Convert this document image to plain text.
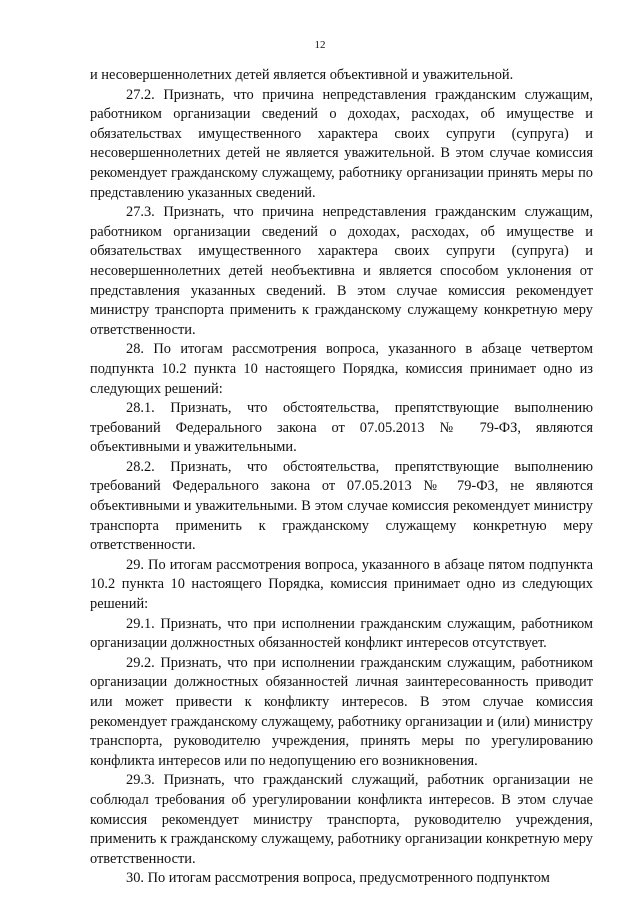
12

и несовершеннолетних детей является объективной и уважительной.

27.2. Признать, что причина непредставления гражданским служащим, работником организации сведений о доходах, расходах, об имуществе и обязательствах имущественного характера своих супруги (супруга) и несовершеннолетних детей не является уважительной. В этом случае комиссия рекомендует гражданскому служащему, работнику организации принять меры по представлению указанных сведений.

27.3. Признать, что причина непредставления гражданским служащим, работником организации сведений о доходах, расходах, об имуществе и обязательствах имущественного характера своих супруги (супруга) и несовершеннолетних детей необъективна и является способом уклонения от представления указанных сведений. В этом случае комиссия рекомендует министру транспорта применить к гражданскому служащему конкретную меру ответственности.

28. По итогам рассмотрения вопроса, указанного в абзаце четвертом подпункта 10.2 пункта 10 настоящего Порядка, комиссия принимает одно из следующих решений:

28.1. Признать, что обстоятельства, препятствующие выполнению требований Федерального закона от 07.05.2013 № 79-ФЗ, являются объективными и уважительными.

28.2. Признать, что обстоятельства, препятствующие выполнению требований Федерального закона от 07.05.2013 № 79-ФЗ, не являются объективными и уважительными. В этом случае комиссия рекомендует министру транспорта применить к гражданскому служащему конкретную меру ответственности.

29. По итогам рассмотрения вопроса, указанного в абзаце пятом подпункта 10.2 пункта 10 настоящего Порядка, комиссия принимает одно из следующих решений:

29.1. Признать, что при исполнении гражданским служащим, работником организации должностных обязанностей конфликт интересов отсутствует.

29.2. Признать, что при исполнении гражданским служащим, работником организации должностных обязанностей личная заинтересованность приводит или может привести к конфликту интересов. В этом случае комиссия рекомендует гражданскому служащему, работнику организации и (или) министру транспорта, руководителю учреждения, принять меры по урегулированию конфликта интересов или по недопущению его возникновения.

29.3. Признать, что гражданский служащий, работник организации не соблюдал требования об урегулировании конфликта интересов. В этом случае комиссия рекомендует министру транспорта, руководителю учреждения, применить к гражданскому служащему, работнику организации конкретную меру ответственности.

30. По итогам рассмотрения вопроса, предусмотренного подпунктом
